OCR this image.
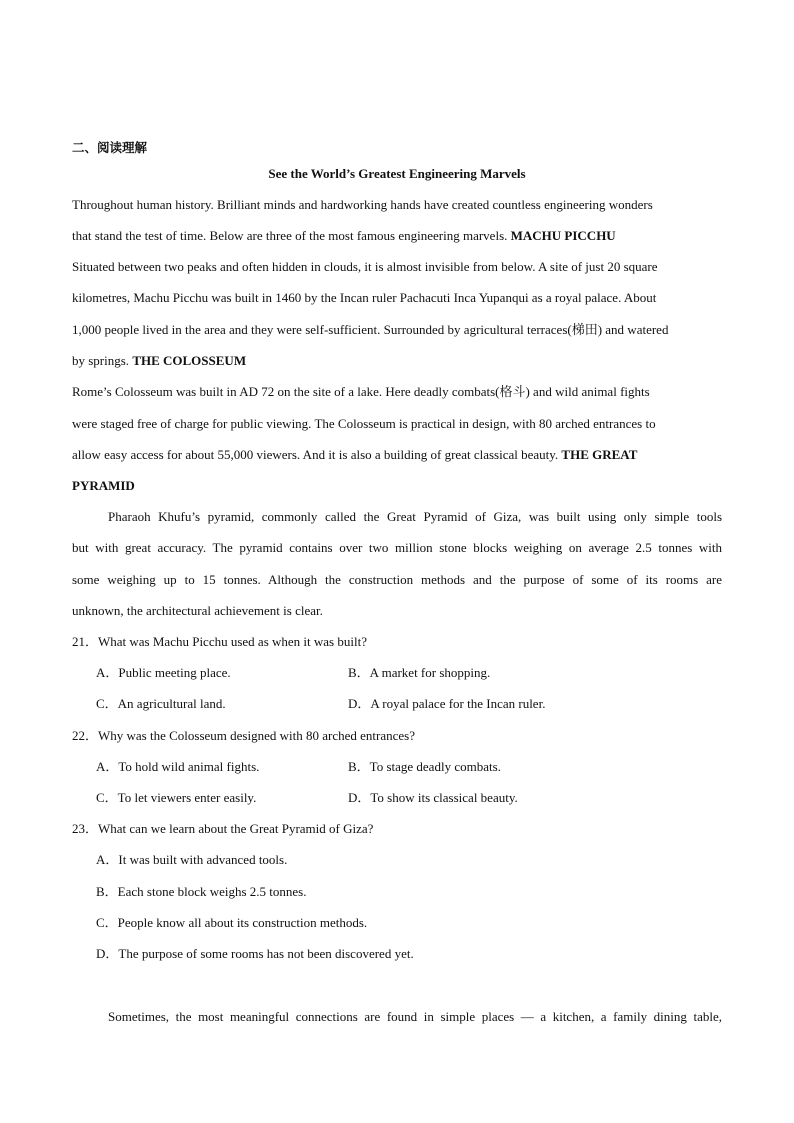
二、阅读理解
See the World’s Greatest Engineering Marvels
Throughout human history. Brilliant minds and hardworking hands have created countless engineering wonders
that stand the test of time. Below are three of the most famous engineering marvels. MACHU PICCHU
Situated between two peaks and often hidden in clouds, it is almost invisible from below. A site of just 20 square
kilometres, Machu Picchu was built in 1460 by the Incan ruler Pachacuti Inca Yupanqui as a royal palace. About
1,000 people lived in the area and they were self-sufficient. Surrounded by agricultural terraces(梯田) and watered
by springs. THE COLOSSEUM
Rome’s Colosseum was built in AD 72 on the site of a lake. Here deadly combats(格斗) and wild animal fights
were staged free of charge for public viewing. The Colosseum is practical in design, with 80 arched entrances to
allow easy access for about 55,000 viewers. And it is also a building of great classical beauty. THE GREAT
PYRAMID
Pharaoh Khufu’s pyramid, commonly called the Great Pyramid of Giza, was built using only simple tools
but with great accuracy. The pyramid contains over two million stone blocks weighing on average 2.5 tonnes with
some weighing up to 15 tonnes. Although the construction methods and the purpose of some of its rooms are
unknown, the architectural achievement is clear.
21．What was Machu Picchu used as when it was built?
A．Public meeting place.	B．A market for shopping.
C．An agricultural land.	D．A royal palace for the Incan ruler.
22．Why was the Colosseum designed with 80 arched entrances?
A．To hold wild animal fights.	B．To stage deadly combats.
C．To let viewers enter easily.	D．To show its classical beauty.
23．What can we learn about the Great Pyramid of Giza?
A．It was built with advanced tools.
B．Each stone block weighs 2.5 tonnes.
C．People know all about its construction methods.
D．The purpose of some rooms has not been discovered yet.
Sometimes, the most meaningful connections are found in simple places — a kitchen, a family dining table,
